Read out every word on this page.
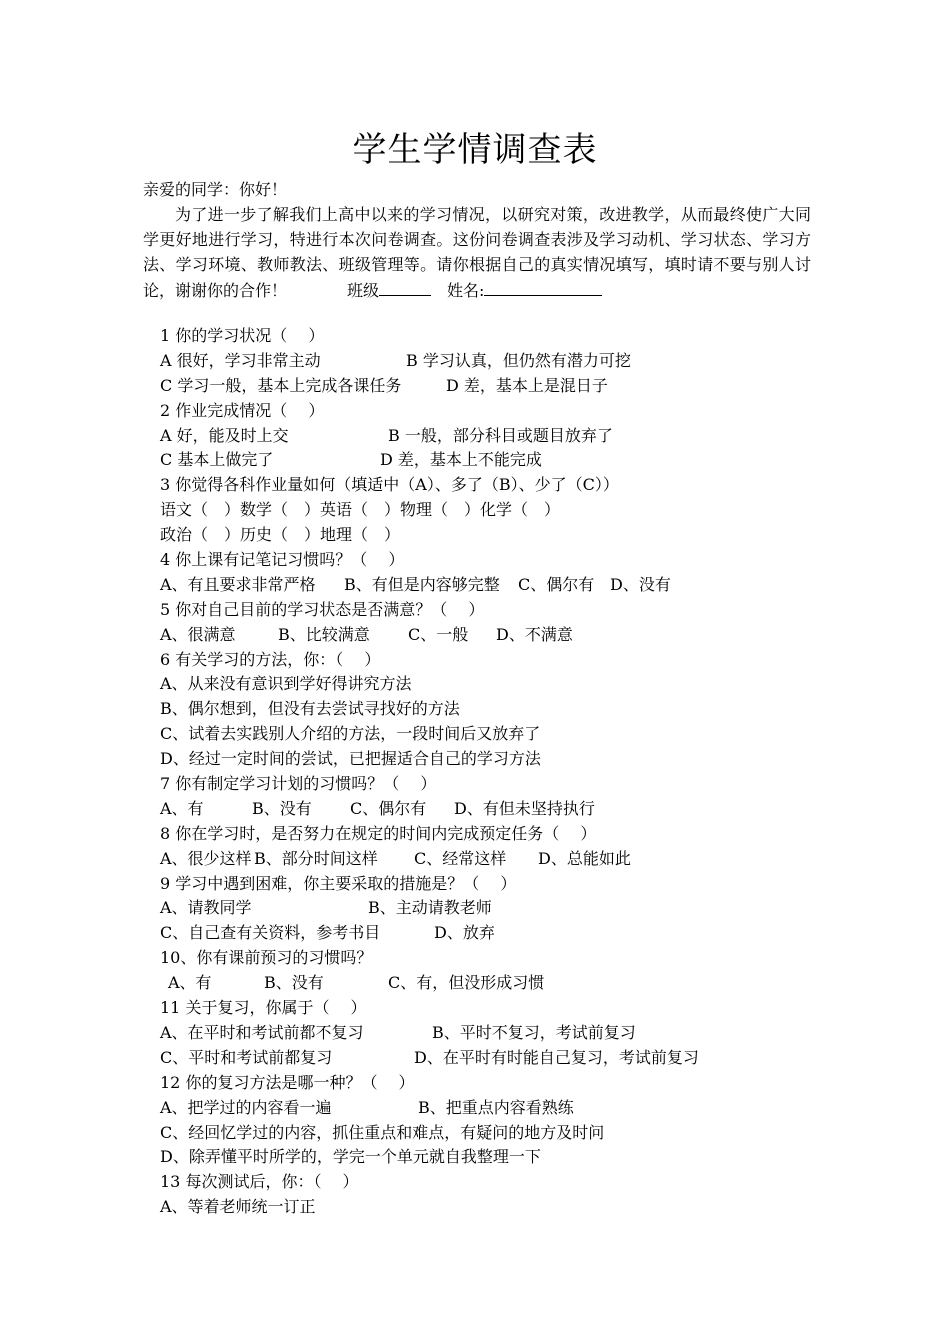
学生学情调查表
亲爱的同学：你好！
为了进一步了解我们上高中以来的学习情况，以研究对策，改进教学，从而最终使广大同学更好地进行学习，特进行本次问卷调查。这份问卷调查表涉及学习动机、学习状态、学习方法、学习环境、教师教法、班级管理等。请你根据自己的真实情况填写，填时请不要与别人讨论，谢谢你的合作！	班级　	姓名:
1 你的学习状况（　 ）
A 很好，学习非常主动	B 学习认真，但仍然有潜力可挖
C 学习一般，基本上完成各课任务	D 差，基本上是混日子
2 作业完成情况（　 ）
A 好，能及时上交	B 一般，部分科目或题目放弃了
C 基本上做完了	D 差，基本上不能完成
3 你觉得各科作业量如何（填适中（A）、多了（B）、少了（C））
语文（　）数学（　）英语（　）物理（　）化学（　）
政治（　）历史（　）地理（　）
4 你上课有记笔记习惯吗？（　 ）
A、有且要求非常严格 B、有但是内容够完整 C、偶尔有 D、没有
5 你对自己目前的学习状态是否满意？（　 ）
A、很满意	B、比较满意 C、一般 D、不满意
6 有关学习的方法，你：（　 ）
A、从来没有意识到学好得讲究方法
B、偶尔想到，但没有去尝试寻找好的方法
C、试着去实践别人介绍的方法，一段时间后又放弃了
D、经过一定时间的尝试，已把握适合自己的学习方法
7 你有制定学习计划的习惯吗？（　 ）
A、有	B、没有 C、偶尔有 D、有但未坚持执行
8 你在学习时，是否努力在规定的时间内完成预定任务（　 ）
A、很少这样 B、部分时间这样 C、经常这样 D、总能如此
9 学习中遇到困难，你主要采取的措施是？（　 ）
A、请教同学	B、主动请教老师
C、自己查有关资料，参考书目	D、放弃
10、你有课前预习的习惯吗？
A、有	B、没有	C、有，但没形成习惯
11 关于复习，你属于（　 ）
A、在平时和考试前都不复习	B、平时不复习，考试前复习
C、平时和考试前都复习	D、在平时有时能自己复习，考试前复习
12 你的复习方法是哪一种？（　 ）
A、把学过的内容看一遍	B、把重点内容看熟练
C、经回忆学过的内容，抓住重点和难点，有疑问的地方及时问
D、除弄懂平时所学的，学完一个单元就自我整理一下
13 每次测试后，你：（　 ）
A、等着老师统一订正
